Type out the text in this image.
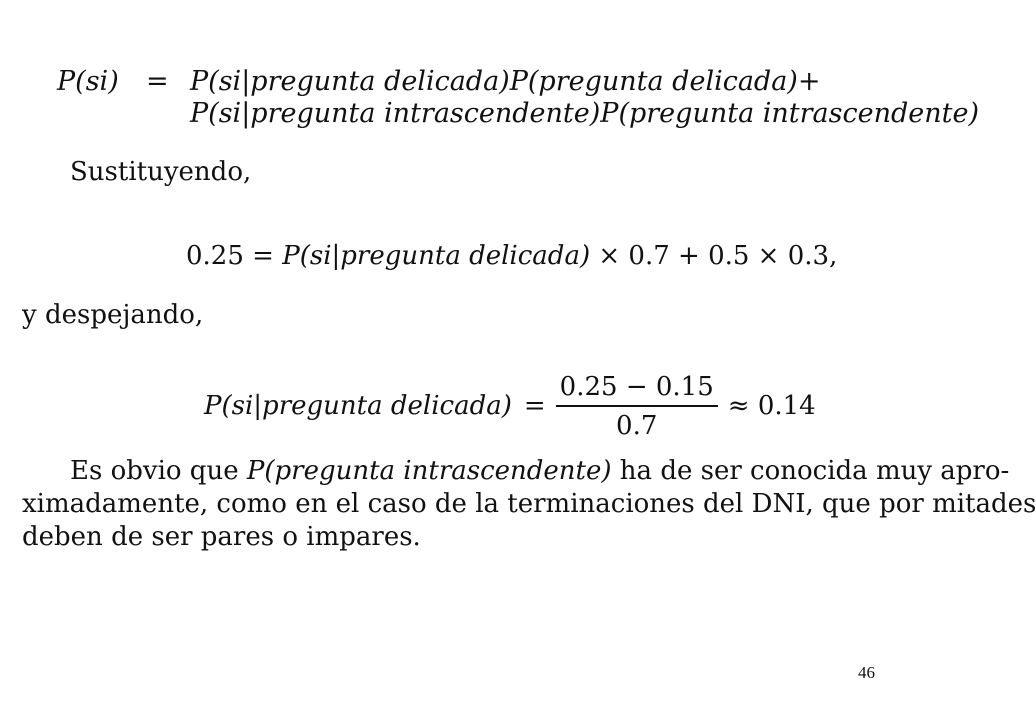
P(si) = P(si|pregunta delicada)P(pregunta delicada)+
P(si|pregunta intrascendente)P(pregunta intrascendente)
Sustituyendo,
0.25 = P(si|pregunta delicada) × 0.7 + 0.5 × 0.3,
y despejando,
P(si|pregunta delicada) = $\frac{0.25 - 0.15}{0.7} \approx 0.14$
Es obvio que P(pregunta intrascendente) ha de ser conocida muy apro-
ximadamente, como en el caso de la terminaciones del DNI, que por mitades
deben de ser pares o impares.
46
